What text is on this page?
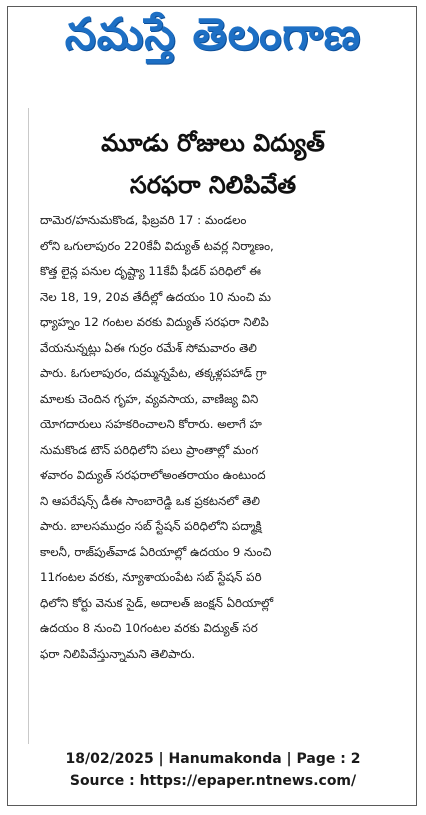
నమస్తే తెలంగాణ
మూడు రోజులు విద్యుత్
సరఫరా నిలిపివేత
దామెర/హనుమకొండ, ఫిబ్రవరి 17 : మండలం
లోని ఒగులాపురం 220కేవీ విద్యుత్ టవర్ల నిర్మాణం,
కొత్త లైన్ల పనుల దృష్ట్యా 11కేవీ ఫీడర్ పరిధిలో ఈ
నెల 18, 19, 20వ తేదీల్లో ఉదయం 10 నుంచి మ
ధ్యాహ్నం 12 గంటల వరకు విద్యుత్ సరఫరా నిలిపి
వేయనున్నట్లు ఏఈ గుర్రం రమేశ్ సోమవారం తెలి
పారు. ఓగులాపురం, దమ్మన్నపేట, తక్కళ్లపహాడ్ గ్రా
మాలకు చెందిన గృహ, వ్యవసాయ, వాణిజ్య విని
యోగదారులు సహకరించాలని కోరారు. అలాగే హ
నుమకొండ టౌన్ పరిధిలోని పలు ప్రాంతాల్లో మంగ
ళవారం విద్యుత్ సరఫరాలోఅంతరాయం ఉంటుంద
ని ఆపరేషన్స్ డీఈ సాంబారెడ్డి ఒక ప్రకటనలో తెలి
పారు. బాలసముద్రం సబ్ స్టేషన్ పరిధిలోని పద్మాక్షి
కాలనీ, రాజ్‌పుత్‌వాడ ఏరియాల్లో ఉదయం 9 నుంచి
11గంటల వరకు, న్యూశాయంపేట సబ్ స్టేషన్ పరి
ధిలోని కోర్టు వెనుక సైడ్, అదాలత్ జంక్షన్ ఏరియాల్లో
ఉదయం 8 నుంచి 10గంటల వరకు విద్యుత్ సర
ఫరా నిలిపివేస్తున్నామని తెలిపారు.
18/02/2025 | Hanumakonda | Page : 2
Source : https://epaper.ntnews.com/
